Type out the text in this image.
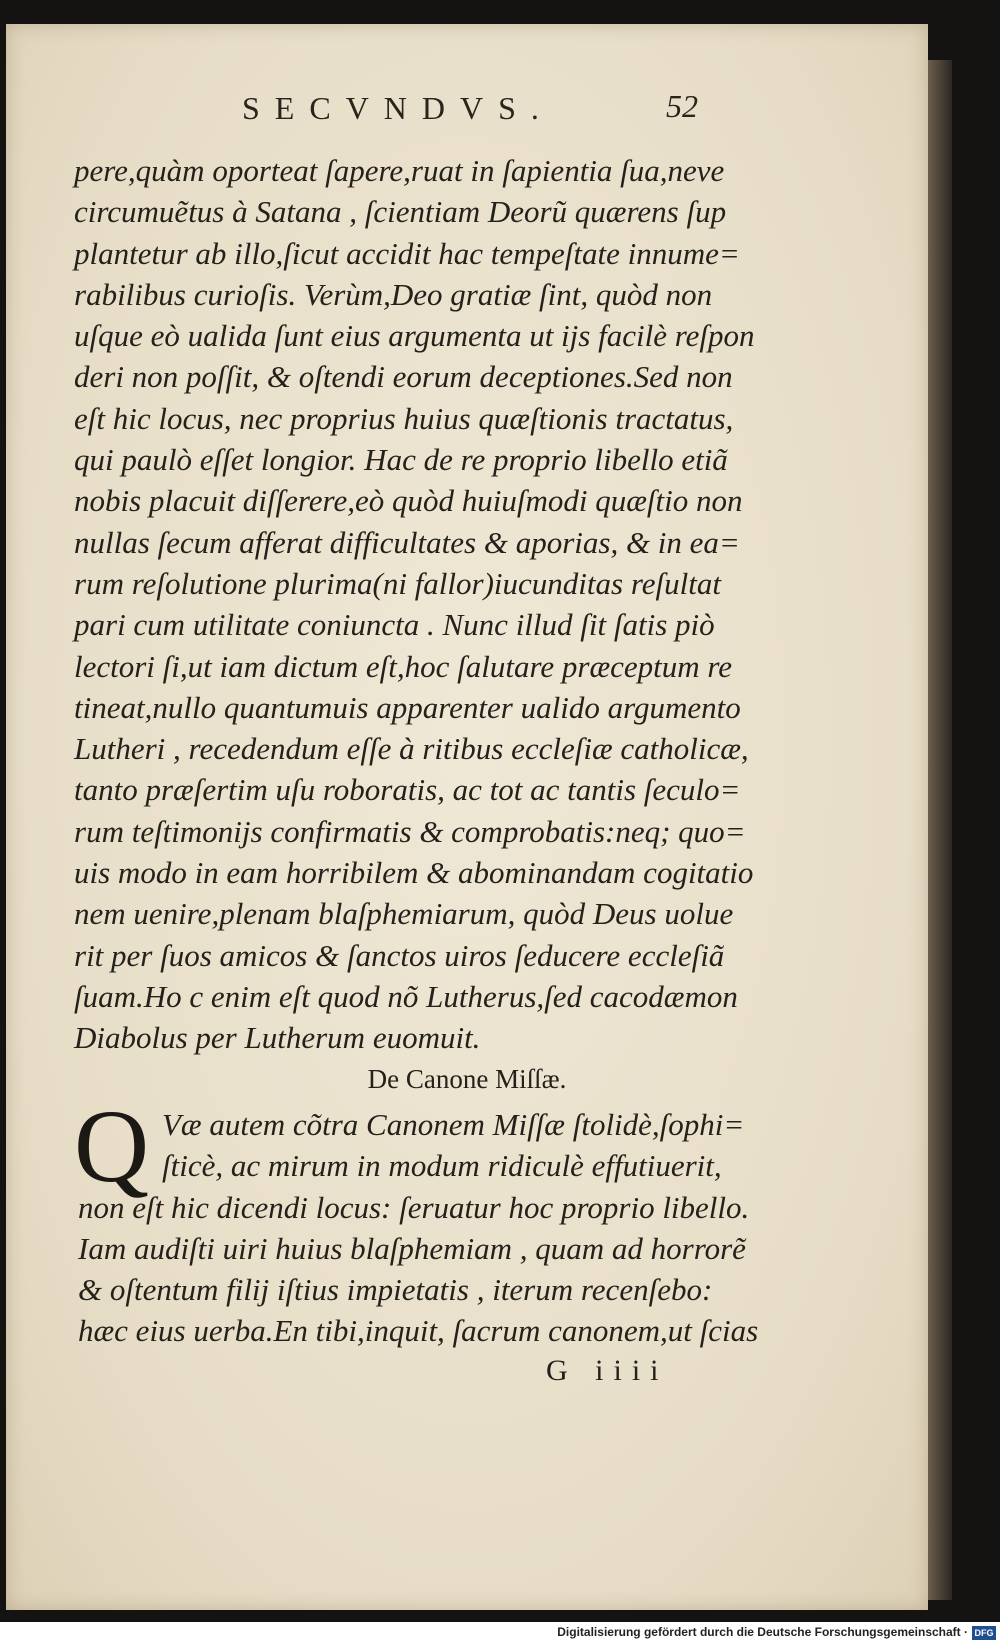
SECVNDVS.	52
pere,quàm oporteat ſapere,ruat in ſapientia ſua,neve
circumuẽtus à Satana , ſcientiam Deorũ quærens ſup
plantetur ab illo,ſicut accidit hac tempeſtate innume=
rabilibus curioſis. Verùm,Deo gratiæ ſint, quòd non
uſque eò ualida ſunt eius argumenta ut ijs facilè reſpon
deri non poſſit, & oſtendi eorum deceptiones.Sed non
eſt hic locus, nec proprius huius quæſtionis tractatus,
qui paulò eſſet longior. Hac de re proprio libello etiã
nobis placuit diſſerere,eò quòd huiuſmodi quæſtio non
nullas ſecum afferat difficultates & aporias, & in ea=
rum reſolutione plurima(ni fallor)iucunditas reſultat
pari cum utilitate coniuncta . Nunc illud ſit ſatis piò
lectori ſi,ut iam dictum eſt,hoc ſalutare præceptum re
tineat,nullo quantumuis apparenter ualido argumento
Lutheri , recedendum eſſe à ritibus eccleſiæ catholicæ,
tanto præſertim uſu roboratis, ac tot ac tantis ſeculo=
rum teſtimonijs confirmatis & comprobatis:neq; quo=
uis modo in eam horribilem & abominandam cogitatio
nem uenire,plenam blaſphemiarum, quòd Deus uolue
rit per ſuos amicos & ſanctos uiros ſeducere eccleſiã
ſuam.Ho c enim eſt quod nõ Lutherus,ſed cacodæmon
Diabolus per Lutherum euomuit.
De Canone Miſſæ.
Q Væ autem cõtra Canonem Miſſæ ſtolidè,ſophi=
ſticè, ac mirum in modum ridiculè effutiuerit,
non eſt hic dicendi locus: ſeruatur hoc proprio libello.
Iam audiſti uiri huius blaſphemiam , quam ad horrorẽ
& oſtentum filij iſtius impietatis , iterum recenſebo:
hæc eius uerba.En tibi,inquit, ſacrum canonem,ut ſcias
G iiii
Digitalisierung gefördert durch die Deutsche Forschungsgemeinschaft · DFG
